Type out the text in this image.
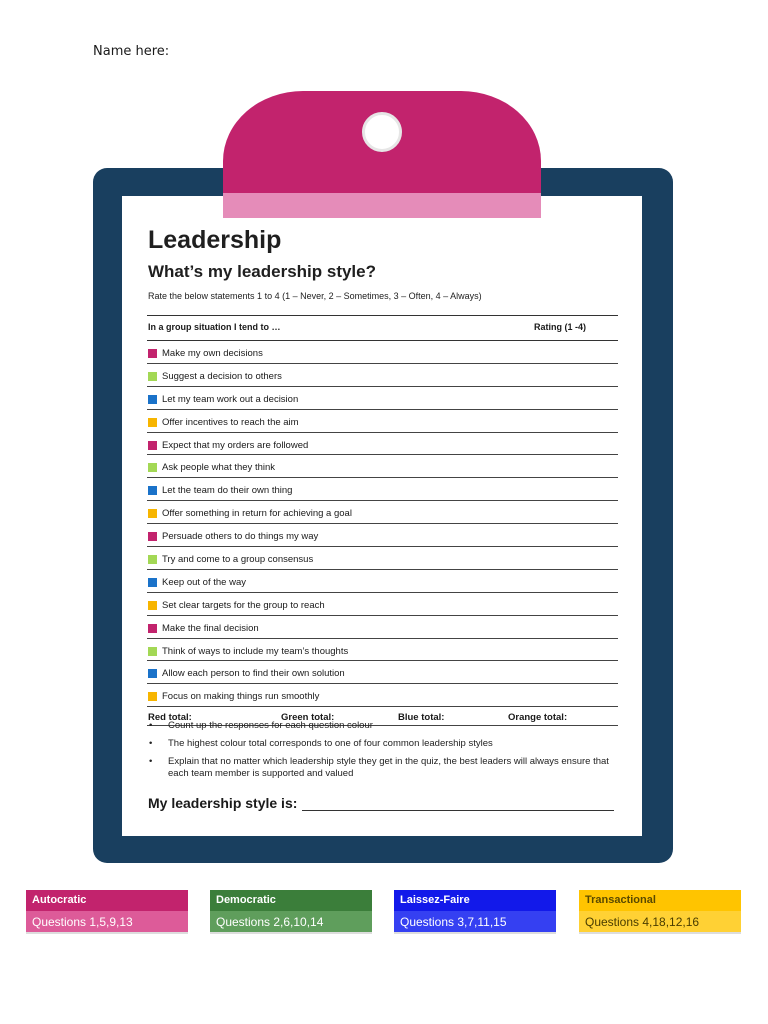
Name here:
Leadership
What’s my leadership style?
Rate the below statements 1 to 4 (1 – Never, 2 – Sometimes, 3 – Often, 4 – Always)
In a group situation I tend to …	Rating (1 -4)
Make my own decisions
Suggest a decision to others
Let my team work out a decision
Offer incentives to reach the aim
Expect that my orders are followed
Ask people what they think
Let the team do their own thing
Offer something in return for achieving a goal
Persuade others to do things my way
Try and come to a group consensus
Keep out of the way
Set clear targets for the group to reach
Make the final decision
Think of ways to include my team’s thoughts
Allow each person to find their own solution
Focus on making things run smoothly
Red total:	Green total:	Blue total:	Orange total:
• Count up the responses for each question colour
• The highest colour total corresponds to one of four common leadership styles
• Explain that no matter which leadership style they get in the quiz, the best leaders will always ensure that each team member is supported and valued
My leadership style is:
Autocratic
Questions 1,5,9,13
Democratic
Questions 2,6,10,14
Laissez-Faire
Questions 3,7,11,15
Transactional
Questions 4,18,12,16
